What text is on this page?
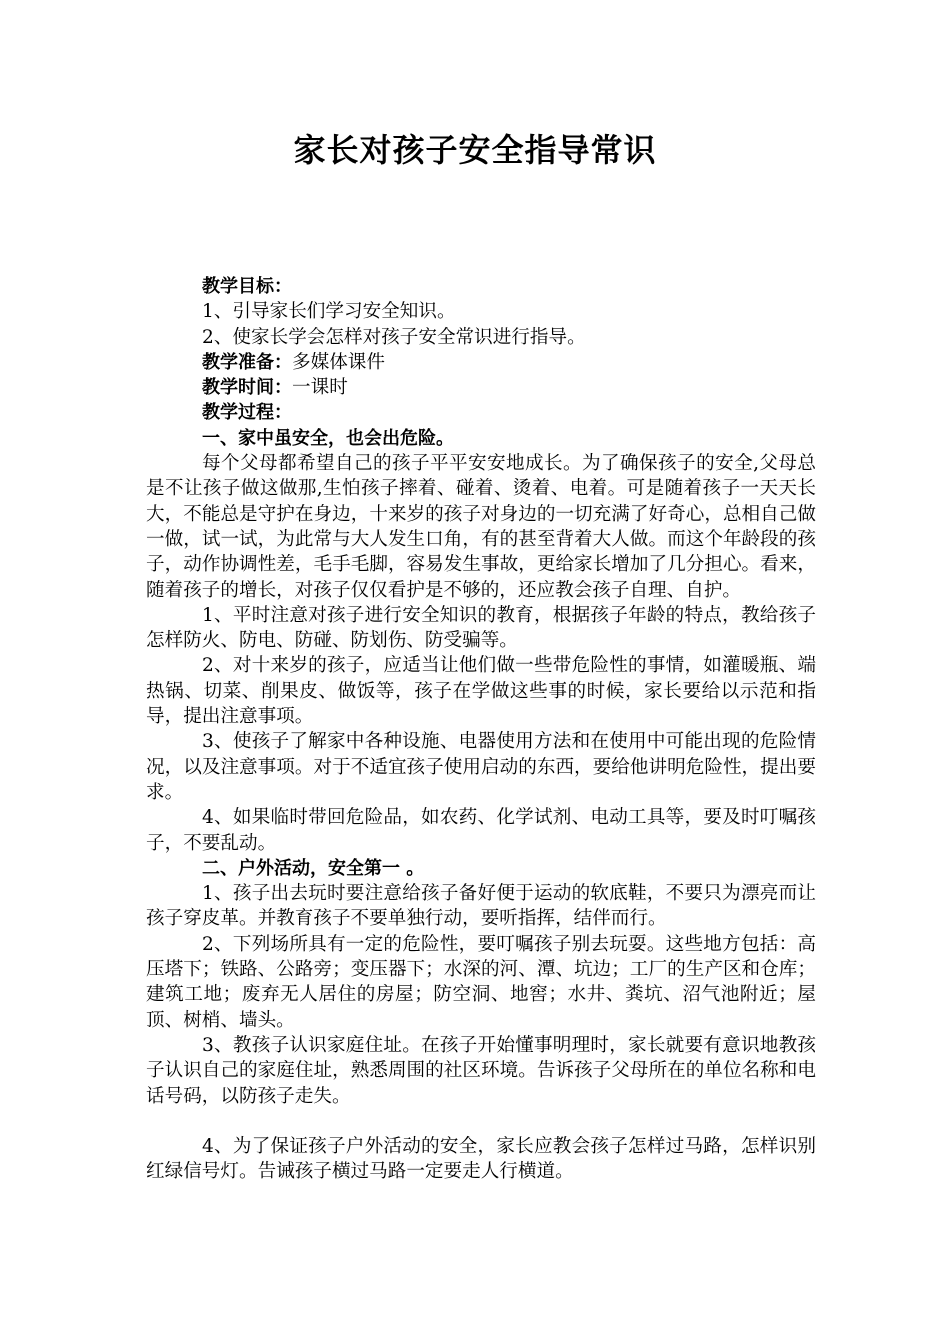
家长对孩子安全指导常识

教学目标：

1、引导家长们学习安全知识。

2、使家长学会怎样对孩子安全常识进行指导。

教学准备：多媒体课件

教学时间：一课时

教学过程：

一、家中虽安全，也会出危险。

每个父母都希望自己的孩子平平安安地成长。为了确保孩子的安全,父母总是不让孩子做这做那,生怕孩子摔着、碰着、烫着、电着。可是随着孩子一天天长大，不能总是守护在身边，十来岁的孩子对身边的一切充满了好奇心，总相自己做一做，试一试，为此常与大人发生口角，有的甚至背着大人做。而这个年龄段的孩子，动作协调性差，毛手毛脚，容易发生事故，更给家长增加了几分担心。看来，随着孩子的增长，对孩子仅仅看护是不够的，还应教会孩子自理、自护。

1、平时注意对孩子进行安全知识的教育，根据孩子年龄的特点，教给孩子怎样防火、防电、防碰、防划伤、防受骗等。

2、对十来岁的孩子，应适当让他们做一些带危险性的事情，如灌暖瓶、端热锅、切菜、削果皮、做饭等，孩子在学做这些事的时候，家长要给以示范和指导，提出注意事项。

3、使孩子了解家中各种设施、电器使用方法和在使用中可能出现的危险情况，以及注意事项。对于不适宜孩子使用启动的东西，要给他讲明危险性，提出要求。

4、如果临时带回危险品，如农药、化学试剂、电动工具等，要及时叮嘱孩子，不要乱动。

二、户外活动，安全第一 。

1、孩子出去玩时要注意给孩子备好便于运动的软底鞋，不要只为漂亮而让孩子穿皮革。并教育孩子不要单独行动，要听指挥，结伴而行。

2、下列场所具有一定的危险性，要叮嘱孩子别去玩耍。这些地方包括：高压塔下；铁路、公路旁；变压器下；水深的河、潭、坑边；工厂的生产区和仓库；建筑工地；废弃无人居住的房屋；防空洞、地窖；水井、粪坑、沼气池附近；屋顶、树梢、墙头。

3、教孩子认识家庭住址。在孩子开始懂事明理时，家长就要有意识地教孩子认识自己的家庭住址，熟悉周围的社区环境。告诉孩子父母所在的单位名称和电话号码，以防孩子走失。

4、为了保证孩子户外活动的安全，家长应教会孩子怎样过马路，怎样识别红绿信号灯。告诫孩子横过马路一定要走人行横道。
